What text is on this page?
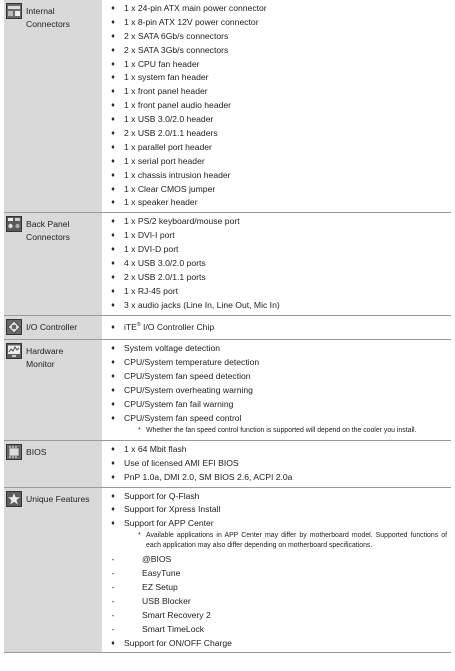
Internal
Connectors
♦	1 x 24-pin ATX main power connector
♦	1 x 8-pin ATX 12V power connector
♦	2 x SATA 6Gb/s connectors
♦	2 x SATA 3Gb/s connectors
♦	1 x CPU fan header
♦	1 x system fan header
♦	1 x front panel header
♦	1 x front panel audio header
♦	1 x USB 3.0/2.0 header
♦	2 x USB 2.0/1.1 headers
♦	1 x parallel port header
♦	1 x serial port header
♦	1 x chassis intrusion header
♦	1 x Clear CMOS jumper
♦	1 x speaker header
Back Panel
Connectors
♦	1 x PS/2 keyboard/mouse port
♦	1 x DVI-I port
♦	1 x DVI-D port
♦	4 x USB 3.0/2.0 ports
♦	2 x USB 2.0/1.1 ports
♦	1 x RJ-45 port
♦	3 x audio jacks (Line In, Line Out, Mic In)
I/O Controller	♦	iTE® I/O Controller Chip
Hardware
Monitor
♦	System voltage detection
♦	CPU/System temperature detection
♦	CPU/System fan speed detection
♦	CPU/System overheating warning
♦	CPU/System fan fail warning
♦	CPU/System fan speed control
* Whether the fan speed control function is supported will depend on the cooler you install.
BIOS	♦	1 x 64 Mbit flash
♦	Use of licensed AMI EFI BIOS
♦	PnP 1.0a, DMI 2.0, SM BIOS 2.6, ACPI 2.0a
Unique Features	♦	Support for Q-Flash
♦	Support for Xpress Install
♦	Support for APP Center
* Available applications in APP Center may differ by motherboard model. Supported functions of each application may also differ depending on motherboard specifications.
-	@BIOS
-	EasyTune
-	EZ Setup
-	USB Blocker
-	Smart Recovery 2
-	Smart TimeLock
♦	Support for ON/OFF Charge
